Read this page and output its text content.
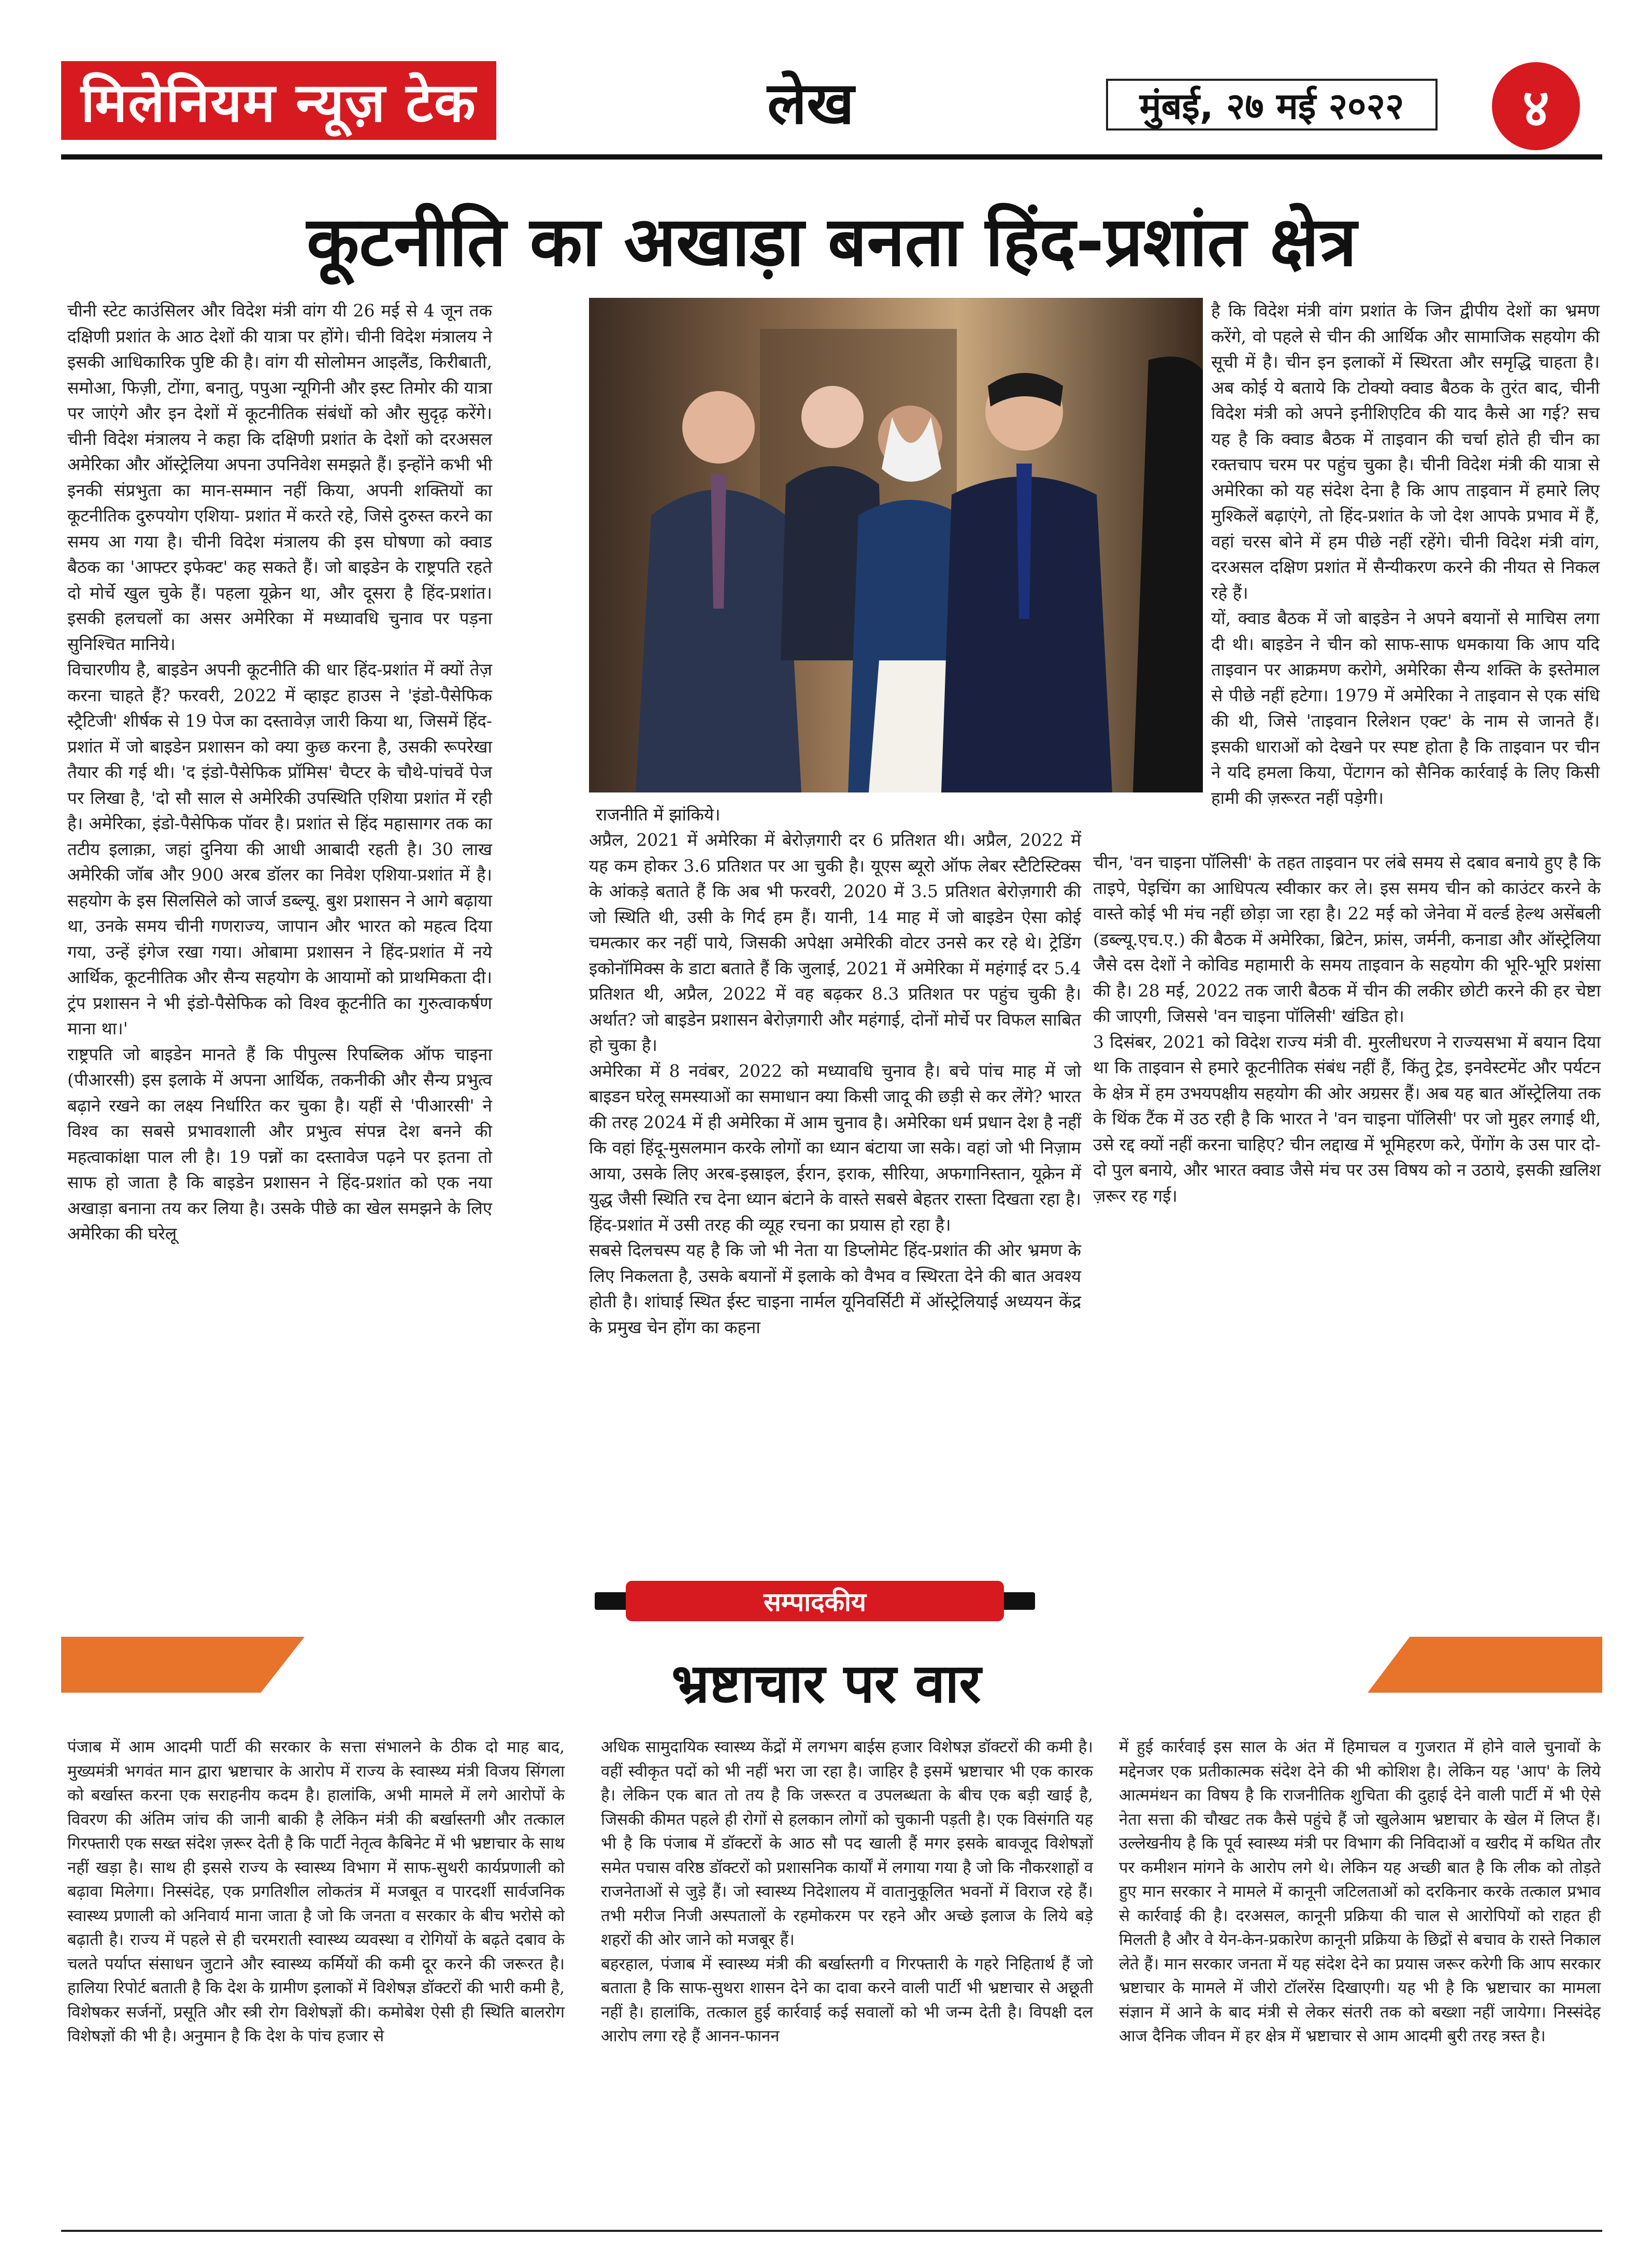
मिलेनियम न्यूज़ टेक	लेख	मुंबई, २७ मई २०२२	४
कूटनीति का अखाड़ा बनता हिंद-प्रशांत क्षेत्र

चीनी स्टेट काउंसिलर और विदेश मंत्री वांग यी 26 मई से 4 जून तक दक्षिणी प्रशांत के आठ देशों की यात्रा पर होंगे। चीनी विदेश मंत्रालय ने इसकी आधिकारिक पुष्टि की है। वांग यी सोलोमन आइलैंड, किरीबाती, समोआ, फिज़ी, टोंगा, बनातु, पपुआ न्यूगिनी और इस्ट तिमोर की यात्रा पर जाएंगे और इन देशों में कूटनीतिक संबंधों को और सुदृढ़ करेंगे। चीनी विदेश मंत्रालय ने कहा कि दक्षिणी प्रशांत के देशों को दरअसल अमेरिका और ऑस्ट्रेलिया अपना उपनिवेश समझते हैं। इन्होंने कभी भी इनकी संप्रभुता का मान-सम्मान नहीं किया, अपनी शक्तियों का कूटनीतिक दुरुपयोग एशिया- प्रशांत में करते रहे, जिसे दुरुस्त करने का समय आ गया है। चीनी विदेश मंत्रालय की इस घोषणा को क्वाड बैठक का 'आफ्टर इफेक्ट' कह सकते हैं। जो बाइडेन के राष्ट्रपति रहते दो मोर्चे खुल चुके हैं। पहला यूक्रेन था, और दूसरा है हिंद-प्रशांत। इसकी हलचलों का असर अमेरिका में मध्यावधि चुनाव पर पड़ना सुनिश्चित मानिये।

विचारणीय है, बाइडेन अपनी कूटनीति की धार हिंद-प्रशांत में क्यों तेज़ करना चाहते हैं? फरवरी, 2022 में व्हाइट हाउस ने 'इंडो-पैसेफिक स्ट्रैटिजी' शीर्षक से 19 पेज का दस्तावेज़ जारी किया था, जिसमें हिंद-प्रशांत में जो बाइडेन प्रशासन को क्या कुछ करना है, उसकी रूपरेखा तैयार की गई थी। 'द इंडो-पैसेफिक प्रॉमिस' चैप्टर के चौथे-पांचवें पेज पर लिखा है, 'दो सौ साल से अमेरिकी उपस्थिति एशिया प्रशांत में रही है। अमेरिका, इंडो-पैसेफिक पॉवर है। प्रशांत से हिंद महासागर तक का तटीय इलाक़ा, जहां दुनिया की आधी आबादी रहती है। 30 लाख अमेरिकी जॉब और 900 अरब डॉलर का निवेश एशिया-प्रशांत में है। सहयोग के इस सिलसिले को जार्ज डब्ल्यू. बुश प्रशासन ने आगे बढ़ाया था, उनके समय चीनी गणराज्य, जापान और भारत को महत्व दिया गया, उन्हें इंगेज रखा गया। ओबामा प्रशासन ने हिंद-प्रशांत में नये आर्थिक, कूटनीतिक और सैन्य सहयोग के आयामों को प्राथमिकता दी। ट्रंप प्रशासन ने भी इंडो-पैसेफिक को विश्व कूटनीति का गुरुत्वाकर्षण माना था।'

राष्ट्रपति जो बाइडेन मानते हैं कि पीपुल्स रिपब्लिक ऑफ चाइना (पीआरसी) इस इलाके में अपना आर्थिक, तकनीकी और सैन्य प्रभुत्व बढ़ाने रखने का लक्ष्य निर्धारित कर चुका है। यहीं से 'पीआरसी' ने विश्व का सबसे प्रभावशाली और प्रभुत्व संपन्न देश बनने की महत्वाकांक्षा पाल ली है। 19 पन्नों का दस्तावेज पढ़ने पर इतना तो साफ हो जाता है कि बाइडेन प्रशासन ने हिंद-प्रशांत को एक नया अखाड़ा बनाना तय कर लिया है। उसके पीछे का खेल समझने के लिए अमेरिका की घरेलू

राजनीति में झांकिये।

अप्रैल, 2021 में अमेरिका में बेरोज़गारी दर 6 प्रतिशत थी। अप्रैल, 2022 में यह कम होकर 3.6 प्रतिशत पर आ चुकी है। यूएस ब्यूरो ऑफ लेबर स्टैटिस्टिक्स के आंकड़े बताते हैं कि अब भी फरवरी, 2020 में 3.5 प्रतिशत बेरोज़गारी की जो स्थिति थी, उसी के गिर्द हम हैं। यानी, 14 माह में जो बाइडेन ऐसा कोई चमत्कार कर नहीं पाये, जिसकी अपेक्षा अमेरिकी वोटर उनसे कर रहे थे। ट्रेडिंग इकोनॉमिक्स के डाटा बताते हैं कि जुलाई, 2021 में अमेरिका में महंगाई दर 5.4 प्रतिशत थी, अप्रैल, 2022 में वह बढ़कर 8.3 प्रतिशत पर पहुंच चुकी है। अर्थात? जो बाइडेन प्रशासन बेरोज़गारी और महंगाई, दोनों मोर्चे पर विफल साबित हो चुका है।

अमेरिका में 8 नवंबर, 2022 को मध्यावधि चुनाव है। बचे पांच माह में जो बाइडन घरेलू समस्याओं का समाधान क्या किसी जादू की छड़ी से कर लेंगे? भारत की तरह 2024 में ही अमेरिका में आम चुनाव है। अमेरिका धर्म प्रधान देश है नहीं कि वहां हिंदू-मुसलमान करके लोगों का ध्यान बंटाया जा सके। वहां जो भी निज़ाम आया, उसके लिए अरब-इस्राइल, ईरान, इराक, सीरिया, अफगानिस्तान, यूक्रेन में युद्ध जैसी स्थिति रच देना ध्यान बंटाने के वास्ते सबसे बेहतर रास्ता दिखता रहा है। हिंद-प्रशांत में उसी तरह की व्यूह रचना का प्रयास हो रहा है।

सबसे दिलचस्प यह है कि जो भी नेता या डिप्लोमेट हिंद-प्रशांत की ओर भ्रमण के लिए निकलता है, उसके बयानों में इलाके को वैभव व स्थिरता देने की बात अवश्य होती है। शांघाई स्थित ईस्ट चाइना नार्मल यूनिवर्सिटी में ऑस्ट्रेलियाई अध्ययन केंद्र के प्रमुख चेन होंग का कहना

है कि विदेश मंत्री वांग प्रशांत के जिन द्वीपीय देशों का भ्रमण करेंगे, वो पहले से चीन की आर्थिक और सामाजिक सहयोग की सूची में है। चीन इन इलाकों में स्थिरता और समृद्धि चाहता है। अब कोई ये बताये कि टोक्यो क्वाड बैठक के तुरंत बाद, चीनी विदेश मंत्री को अपने इनीशिएटिव की याद कैसे आ गई? सच यह है कि क्वाड बैठक में ताइवान की चर्चा होते ही चीन का रक्तचाप चरम पर पहुंच चुका है। चीनी विदेश मंत्री की यात्रा से अमेरिका को यह संदेश देना है कि आप ताइवान में हमारे लिए मुश्किलें बढ़ाएंगे, तो हिंद-प्रशांत के जो देश आपके प्रभाव में हैं, वहां चरस बोने में हम पीछे नहीं रहेंगे। चीनी विदेश मंत्री वांग, दरअसल दक्षिण प्रशांत में सैन्यीकरण करने की नीयत से निकल रहे हैं।

यों, क्वाड बैठक में जो बाइडेन ने अपने बयानों से माचिस लगा दी थी। बाइडेन ने चीन को साफ-साफ धमकाया कि आप यदि ताइवान पर आक्रमण करोगे, अमेरिका सैन्य शक्ति के इस्तेमाल से पीछे नहीं हटेगा। 1979 में अमेरिका ने ताइवान से एक संधि की थी, जिसे 'ताइवान रिलेशन एक्ट' के नाम से जानते हैं। इसकी धाराओं को देखने पर स्पष्ट होता है कि ताइवान पर चीन ने यदि हमला किया, पेंटागन को सैनिक कार्रवाई के लिए किसी हामी की ज़रूरत नहीं पड़ेगी।

चीन, 'वन चाइना पॉलिसी' के तहत ताइवान पर लंबे समय से दबाव बनाये हुए है कि ताइपे, पेइचिंग का आधिपत्य स्वीकार कर ले। इस समय चीन को काउंटर करने के वास्ते कोई भी मंच नहीं छोड़ा जा रहा है। 22 मई को जेनेवा में वर्ल्ड हेल्थ असेंबली (डब्ल्यू.एच.ए.) की बैठक में अमेरिका, ब्रिटेन, फ्रांस, जर्मनी, कनाडा और ऑस्ट्रेलिया जैसे दस देशों ने कोविड महामारी के समय ताइवान के सहयोग की भूरि-भूरि प्रशंसा की है। 28 मई, 2022 तक जारी बैठक में चीन की लकीर छोटी करने की हर चेष्टा की जाएगी, जिससे 'वन चाइना पॉलिसी' खंडित हो।

3 दिसंबर, 2021 को विदेश राज्य मंत्री वी. मुरलीधरण ने राज्यसभा में बयान दिया था कि ताइवान से हमारे कूटनीतिक संबंध नहीं हैं, किंतु ट्रेड, इनवेस्टमेंट और पर्यटन के क्षेत्र में हम उभयपक्षीय सहयोग की ओर अग्रसर हैं। अब यह बात ऑस्ट्रेलिया तक के थिंक टैंक में उठ रही है कि भारत ने 'वन चाइना पॉलिसी' पर जो मुहर लगाई थी, उसे रद्द क्यों नहीं करना चाहिए? चीन लद्दाख में भूमिहरण करे, पेंगोंग के उस पार दो-दो पुल बनाये, और भारत क्वाड जैसे मंच पर उस विषय को न उठाये, इसकी ख़लिश ज़रूर रह गई।

सम्पादकीय
भ्रष्टाचार पर वार

पंजाब में आम आदमी पार्टी की सरकार के सत्ता संभालने के ठीक दो माह बाद, मुख्यमंत्री भगवंत मान द्वारा भ्रष्टाचार के आरोप में राज्य के स्वास्थ्य मंत्री विजय सिंगला को बर्खास्त करना एक सराहनीय कदम है। हालांकि, अभी मामले में लगे आरोपों के विवरण की अंतिम जांच की जानी बाकी है लेकिन मंत्री की बर्खास्तगी और तत्काल गिरफ्तारी एक सख्त संदेश ज़रूर देती है कि पार्टी नेतृत्व कैबिनेट में भी भ्रष्टाचार के साथ नहीं खड़ा है। साथ ही इससे राज्य के स्वास्थ्य विभाग में साफ-सुथरी कार्यप्रणाली को बढ़ावा मिलेगा। निस्संदेह, एक प्रगतिशील लोकतंत्र में मजबूत व पारदर्शी सार्वजनिक स्वास्थ्य प्रणाली को अनिवार्य माना जाता है जो कि जनता व सरकार के बीच भरोसे को बढ़ाती है। राज्य में पहले से ही चरमराती स्वास्थ्य व्यवस्था व रोगियों के बढ़ते दबाव के चलते पर्याप्त संसाधन जुटाने और स्वास्थ्य कर्मियों की कमी दूर करने की जरूरत है। हालिया रिपोर्ट बताती है कि देश के ग्रामीण इलाकों में विशेषज्ञ डॉक्टरों की भारी कमी है, विशेषकर सर्जनों, प्रसूति और स्त्री रोग विशेषज्ञों की। कमोबेश ऐसी ही स्थिति बालरोग विशेषज्ञों की भी है। अनुमान है कि देश के पांच हजार से

अधिक सामुदायिक स्वास्थ्य केंद्रों में लगभग बाईस हजार विशेषज्ञ डॉक्टरों की कमी है। वहीं स्वीकृत पदों को भी नहीं भरा जा रहा है। जाहिर है इसमें भ्रष्टाचार भी एक कारक है। लेकिन एक बात तो तय है कि जरूरत व उपलब्धता के बीच एक बड़ी खाई है, जिसकी कीमत पहले ही रोगों से हलकान लोगों को चुकानी पड़ती है। एक विसंगति यह भी है कि पंजाब में डॉक्टरों के आठ सौ पद खाली हैं मगर इसके बावजूद विशेषज्ञों समेत पचास वरिष्ठ डॉक्टरों को प्रशासनिक कार्यों में लगाया गया है जो कि नौकरशाहों व राजनेताओं से जुड़े हैं। जो स्वास्थ्य निदेशालय में वातानुकूलित भवनों में विराज रहे हैं। तभी मरीज निजी अस्पतालों के रहमोकरम पर रहने और अच्छे इलाज के लिये बड़े शहरों की ओर जाने को मजबूर हैं।

बहरहाल, पंजाब में स्वास्थ्य मंत्री की बर्खास्तगी व गिरफ्तारी के गहरे निहितार्थ हैं जो बताता है कि साफ-सुथरा शासन देने का दावा करने वाली पार्टी भी भ्रष्टाचार से अछूती नहीं है। हालांकि, तत्काल हुई कार्रवाई कई सवालों को भी जन्म देती है। विपक्षी दल आरोप लगा रहे हैं आनन-फानन

में हुई कार्रवाई इस साल के अंत में हिमाचल व गुजरात में होने वाले चुनावों के मद्देनजर एक प्रतीकात्मक संदेश देने की भी कोशिश है। लेकिन यह 'आप' के लिये आत्ममंथन का विषय है कि राजनीतिक शुचिता की दुहाई देने वाली पार्टी में भी ऐसे नेता सत्ता की चौखट तक कैसे पहुंचे हैं जो खुलेआम भ्रष्टाचार के खेल में लिप्त हैं। उल्लेखनीय है कि पूर्व स्वास्थ्य मंत्री पर विभाग की निविदाओं व खरीद में कथित तौर पर कमीशन मांगने के आरोप लगे थे। लेकिन यह अच्छी बात है कि लीक को तोड़ते हुए मान सरकार ने मामले में कानूनी जटिलताओं को दरकिनार करके तत्काल प्रभाव से कार्रवाई की है। दरअसल, कानूनी प्रक्रिया की चाल से आरोपियों को राहत ही मिलती है और वे येन-केन-प्रकारेण कानूनी प्रक्रिया के छिद्रों से बचाव के रास्ते निकाल लेते हैं। मान सरकार जनता में यह संदेश देने का प्रयास जरूर करेगी कि आप सरकार भ्रष्टाचार के मामले में जीरो टॉलरेंस दिखाएगी। यह भी है कि भ्रष्टाचार का मामला संज्ञान में आने के बाद मंत्री से लेकर संतरी तक को बख्शा नहीं जायेगा। निस्संदेह आज दैनिक जीवन में हर क्षेत्र में भ्रष्टाचार से आम आदमी बुरी तरह त्रस्त है।
